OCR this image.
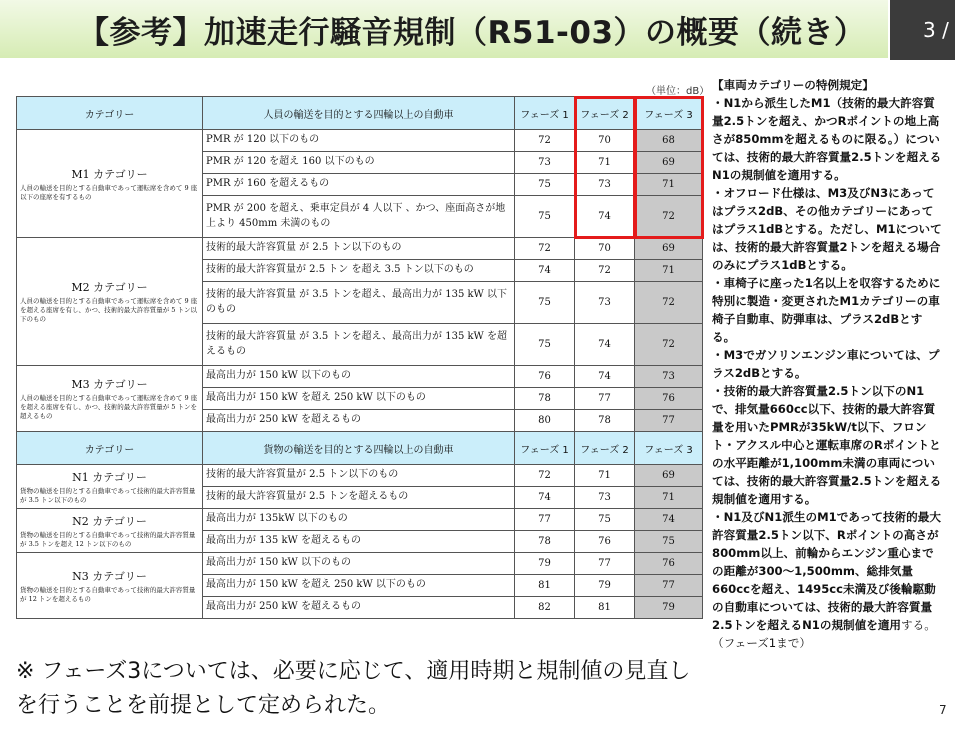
【参考】加速走行騒音規制（R51-03）の概要（続き）	3 /
（単位：dB）
カテゴリー	人員の輸送を目的とする四輪以上の自動車	フェーズ 1	フェーズ 2	フェーズ 3

M1 カテゴリー
人員の輸送を目的とする自動車であって運転席を含めて 9 座以下の座席を有するもの	PMR が 120 以下のもの	72	70	68
	PMR が 120 を超え 160 以下のもの	73	71	69
	PMR が 160 を超えるもの	75	73	71
	PMR が 200 を超え、乗車定員が 4 人以下 、かつ、座面高さが地上より 450mm 未満のもの	75	74	72

M2 カテゴリー
人員の輸送を目的とする自動車であって運転席を含めて 9 座を超える座席を有し、かつ、技術的最大許容質量が 5 トン以下のもの	技術的最大許容質量 が 2.5 トン以下のもの	72	70	69
	技術的最大許容質量が 2.5 トン を超え 3.5 トン以下のもの	74	72	71
	技術的最大許容質量 が 3.5 トンを超え、最高出力が 135 kW 以下のもの	75	73	72
	技術的最大許容質量 が 3.5 トンを超え、最高出力が 135 kW を超えるもの	75	74	72

M3 カテゴリー
人員の輸送を目的とする自動車であって運転席を含めて 9 座を超える座席を有し、かつ、技術的最大許容質量が 5 トンを超えるもの	最高出力が 150 kW 以下のもの	76	74	73
	最高出力が 150 kW を超え 250 kW 以下のもの	78	77	76
	最高出力が 250 kW を超えるもの	80	78	77
カテゴリー	貨物の輸送を目的とする四輪以上の自動車	フェーズ 1	フェーズ 2	フェーズ 3

N1 カテゴリー
貨物の輸送を目的とする自動車であって技術的最大許容質量が 3.5 トン以下のもの	技術的最大許容質量が 2.5 トン以下のもの	72	71	69
	技術的最大許容質量が 2.5 トンを超えるもの	74	73	71

N2 カテゴリー
貨物の輸送を目的とする自動車であって技術的最大許容質量が 3.5 トンを超え 12 トン以下のもの	最高出力が 135kW 以下のもの	77	75	74
	最高出力が 135 kW を超えるもの	78	76	75

N3 カテゴリー
貨物の輸送を目的とする自動車であって技術的最大許容質量が 12 トンを超えるもの	最高出力が 150 kW 以下のもの	79	77	76
	最高出力が 150 kW を超え 250 kW 以下のもの	81	79	77
	最高出力が 250 kW を超えるもの	82	81	79
※ フェーズ3については、必要に応じて、適用時期と規制値の見直しを行うことを前提として定められた。
【車両カテゴリーの特例規定】
・N1から派生したM1（技術的最大許容質量2.5トンを超え、かつRポイントの地上高さが850mmを超えるものに限る。）については、技術的最大許容質量2.5トンを超えるN1の規制値を適用する。
・オフロード仕様は、M3及びN3にあってはプラス2dB、その他カテゴリーにあってはプラス1dBとする。ただし、M1については、技術的最大許容質量2トンを超える場合のみにプラス1dBとする。
・車椅子に座った1名以上を収容するために特別に製造・変更されたM1カテゴリーの車椅子自動車、防弾車は、プラス2dBとする。
・M3でガソリンエンジン車については、プラス2dBとする。
・技術的最大許容質量2.5トン以下のN1で、排気量660cc以下、技術的最大許容質量を用いたPMRが35kW/t以下、フロント・アクスル中心と運転車席のRポイントとの水平距離が1,100mm未満の車両については、技術的最大許容質量2.5トンを超える規制値を適用する。
・N1及びN1派生のM1であって技術的最大許容質量2.5トン以下、Rポイントの高さが800mm以上、前輪からエンジン重心までの距離が300～1,500mm、総排気量660ccを超え、1495cc未満及び後輪駆動の自動車については、技術的最大許容質量2.5トンを超えるN1の規制値を適用する。（フェーズ1まで）
7
